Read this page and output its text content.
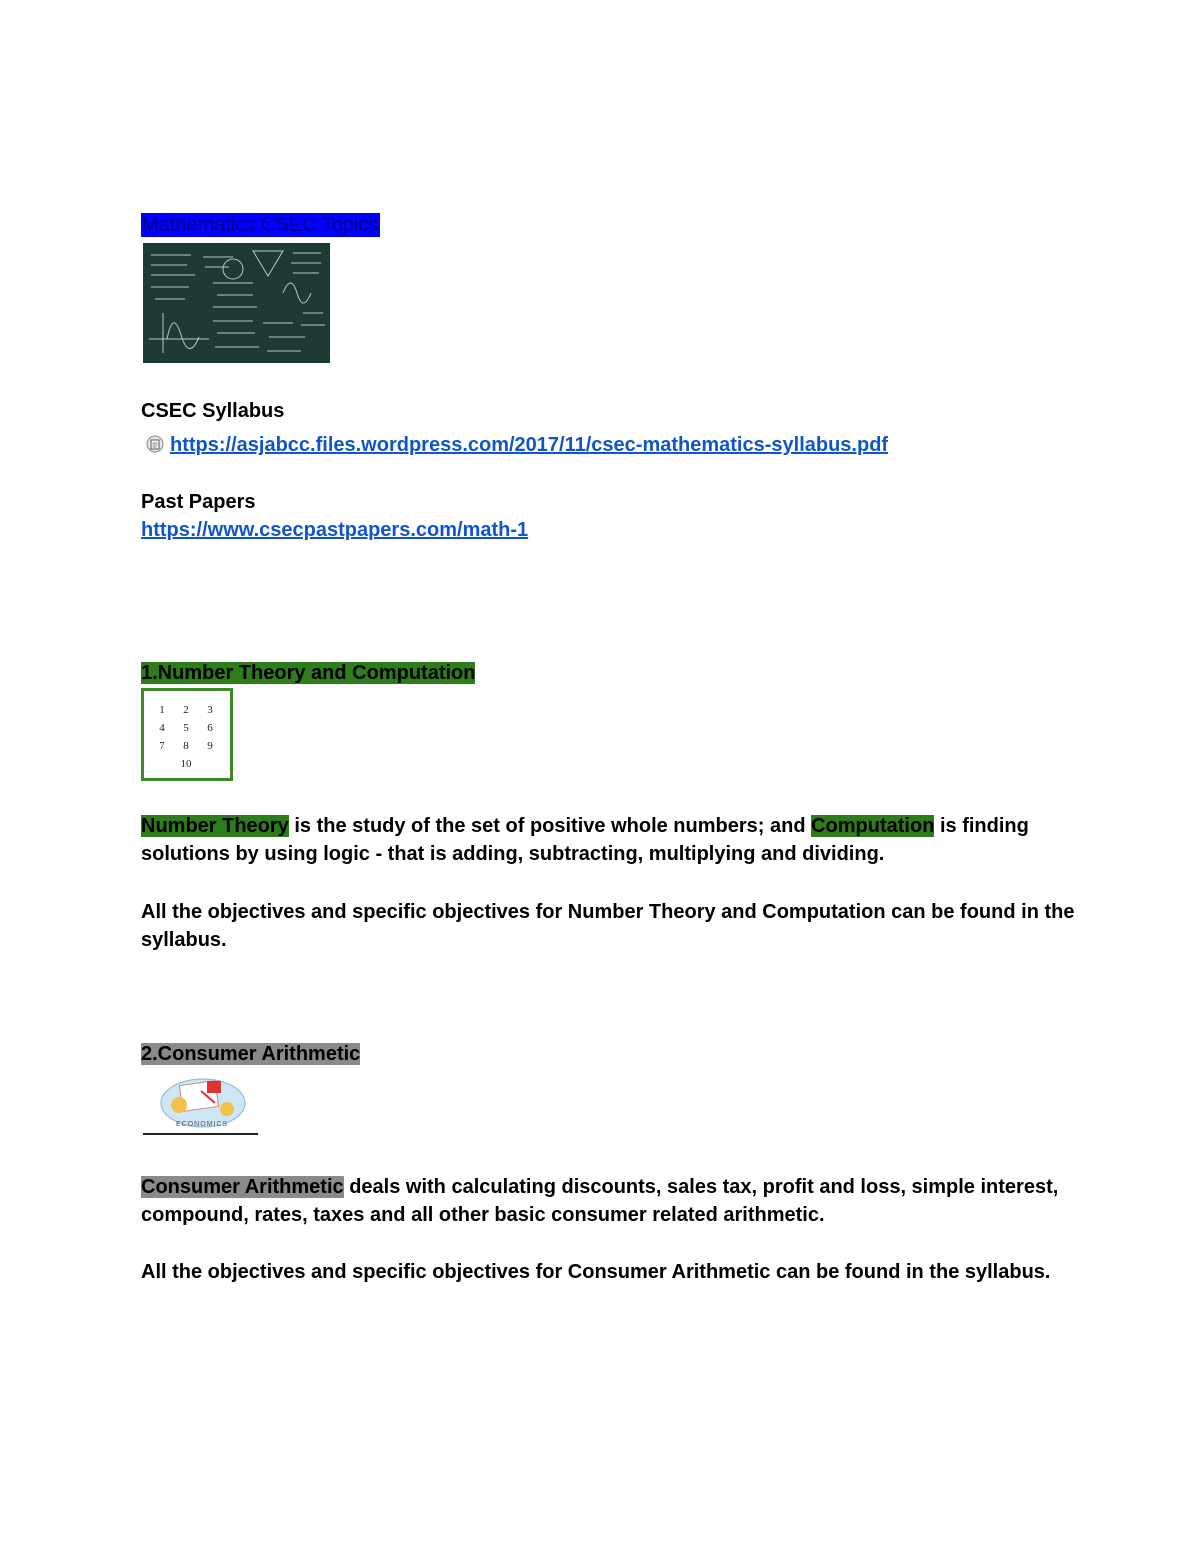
Mathematics CSEC Topics
CSEC Syllabus
https://asjabcc.files.wordpress.com/2017/11/csec-mathematics-syllabus.pdf
Past Papers
https://www.csecpastpapers.com/math-1
1.Number Theory and Computation
1 2 3 4 5 6 7 8 9 10
Number Theory is the study of the set of positive whole numbers; and Computation is finding solutions by using logic - that is adding, subtracting, multiplying and dividing.
All the objectives and specific objectives for Number Theory and Computation can be found in the syllabus.
2.Consumer Arithmetic
ECONOMICS
Consumer Arithmetic deals with calculating discounts, sales tax, profit and loss, simple interest, compound, rates, taxes and all other basic consumer related arithmetic.
All the objectives and specific objectives for Consumer Arithmetic can be found in the syllabus.
